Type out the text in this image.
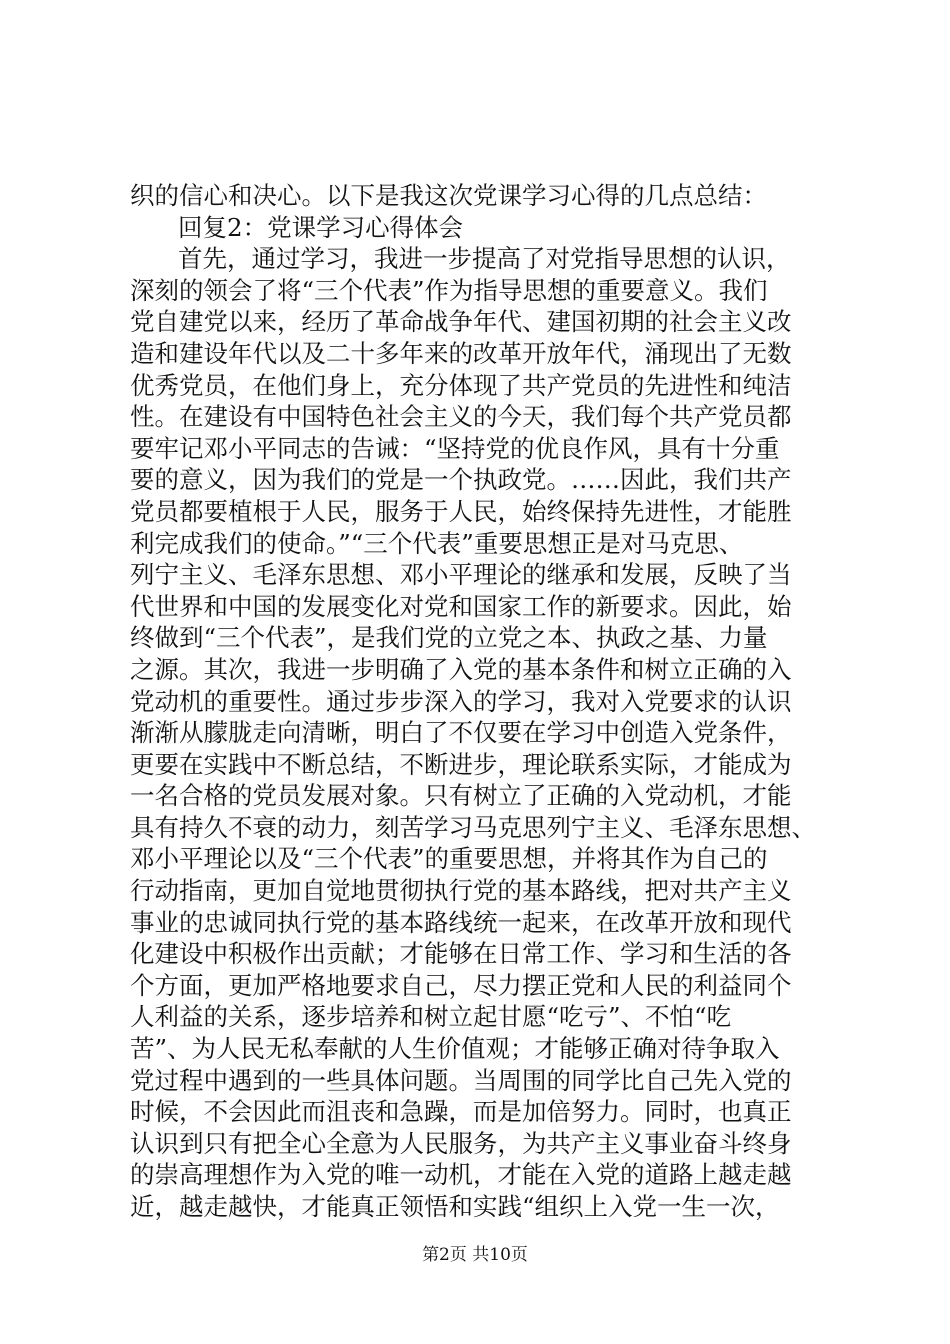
织的信心和决心。以下是我这次党课学习心得的几点总结：
回复2：党课学习心得体会
首先，通过学习，我进一步提高了对党指导思想的认识，
深刻的领会了将“三个代表”作为指导思想的重要意义。我们
党自建党以来，经历了革命战争年代、建国初期的社会主义改
造和建设年代以及二十多年来的改革开放年代，涌现出了无数
优秀党员，在他们身上，充分体现了共产党员的先进性和纯洁
性。在建设有中国特色社会主义的今天，我们每个共产党员都
要牢记邓小平同志的告诫：“坚持党的优良作风，具有十分重
要的意义，因为我们的党是一个执政党。……因此，我们共产
党员都要植根于人民，服务于人民，始终保持先进性，才能胜
利完成我们的使命。”“三个代表”重要思想正是对马克思、
列宁主义、毛泽东思想、邓小平理论的继承和发展，反映了当
代世界和中国的发展变化对党和国家工作的新要求。因此，始
终做到“三个代表”，是我们党的立党之本、执政之基、力量
之源。其次，我进一步明确了入党的基本条件和树立正确的入
党动机的重要性。通过步步深入的学习，我对入党要求的认识
渐渐从朦胧走向清晰，明白了不仅要在学习中创造入党条件，
更要在实践中不断总结，不断进步，理论联系实际，才能成为
一名合格的党员发展对象。只有树立了正确的入党动机，才能
具有持久不衰的动力，刻苦学习马克思列宁主义、毛泽东思想、
邓小平理论以及“三个代表”的重要思想，并将其作为自己的
行动指南，更加自觉地贯彻执行党的基本路线，把对共产主义
事业的忠诚同执行党的基本路线统一起来，在改革开放和现代
化建设中积极作出贡献；才能够在日常工作、学习和生活的各
个方面，更加严格地要求自己，尽力摆正党和人民的利益同个
人利益的关系，逐步培养和树立起甘愿“吃亏”、不怕“吃
苦”、为人民无私奉献的人生价值观；才能够正确对待争取入
党过程中遇到的一些具体问题。当周围的同学比自己先入党的
时候，不会因此而沮丧和急躁，而是加倍努力。同时，也真正
认识到只有把全心全意为人民服务，为共产主义事业奋斗终身
的崇高理想作为入党的唯一动机，才能在入党的道路上越走越
近，越走越快，才能真正领悟和实践“组织上入党一生一次，
第2页 共10页
